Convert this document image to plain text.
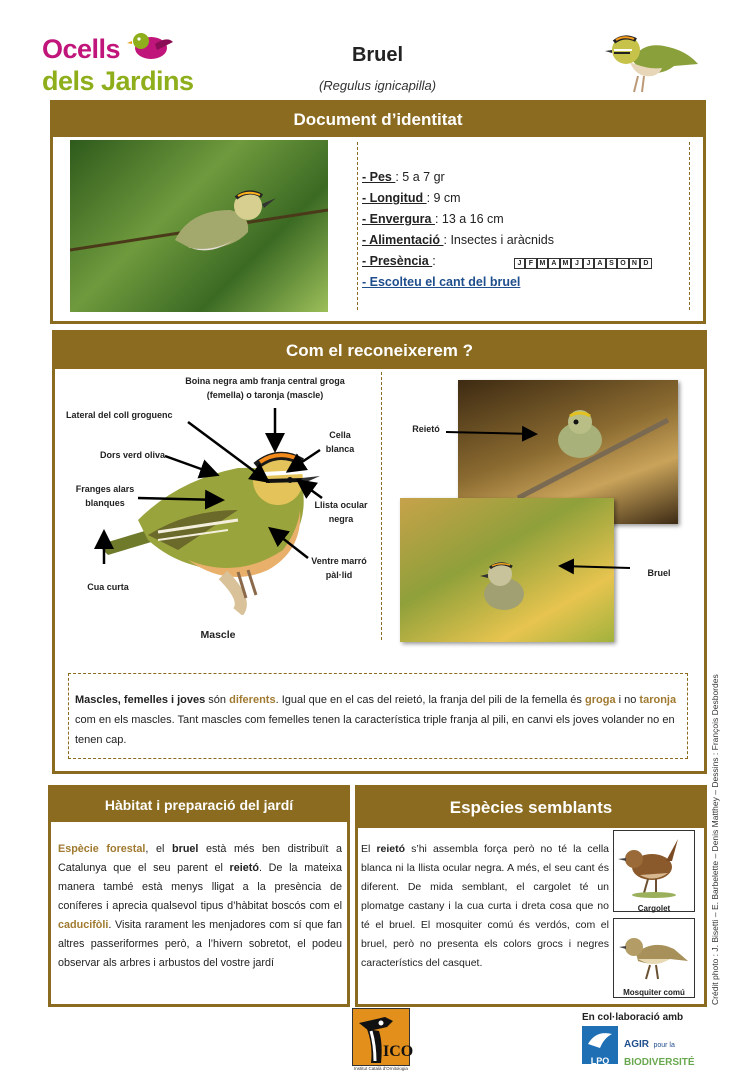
Ocells
dels Jardins
Bruel
(Regulus ignicapilla)
Document d’identitat
- Pes : 5 a 7 gr
- Longitud : 9 cm
- Envergura : 13 a 16 cm
- Alimentació : Insectes i aràcnids
- Presència :	J F M A M J J A S O N D
- Escolteu el cant del bruel
Com el reconeixerem ?
Boina negra amb franja central groga
(femella) o taronja (mascle)
Lateral del coll groguenc
Dors verd oliva
Franges alars
blanques
Cua curta
Cella
blanca
Llista ocular
negra
Ventre marró
pàl·lid
Mascle
Reietó
Bruel
Mascles, femelles i joves són diferents. Igual que en el cas del reietó, la franja del pili de la femella és groga i no taronja com en els mascles. Tant mascles com femelles tenen la característica triple franja al pili, en canvi els joves volander no en tenen cap.
Hàbitat i preparació del jardí
Espècie forestal, el bruel està més ben distribuït a Catalunya que el seu parent el reietó. De la mateixa manera també està menys lligat a la presència de coníferes i aprecia qualsevol tipus d’hàbitat boscós com el caducifòli. Visita rarament les menjadores com sí que fan altres passeriformes però, a l’hivern sobretot, el podeu observar als arbres i arbustos del vostre jardí
Espècies semblants
El reietó s’hi assembla força però no té la cella blanca ni la llista ocular negra. A més, el seu cant és diferent. De mida semblant, el cargolet té un plomatge castany i la cua curta i dreta cosa que no té el bruel. El mosquiter comú és verdós, com el bruel, però no presenta els colors grocs i negres característics del casquet.
Cargolet
Mosquiter comú	Crédit photo : J. Bisetti – E. Barbelette – Denis Matthey – Dessins : François Desbordes
ICO
Institut Català d'Ornitologia
En col·laboració amb
LPO
AGIR pour la
BIODIVERSITÉ
